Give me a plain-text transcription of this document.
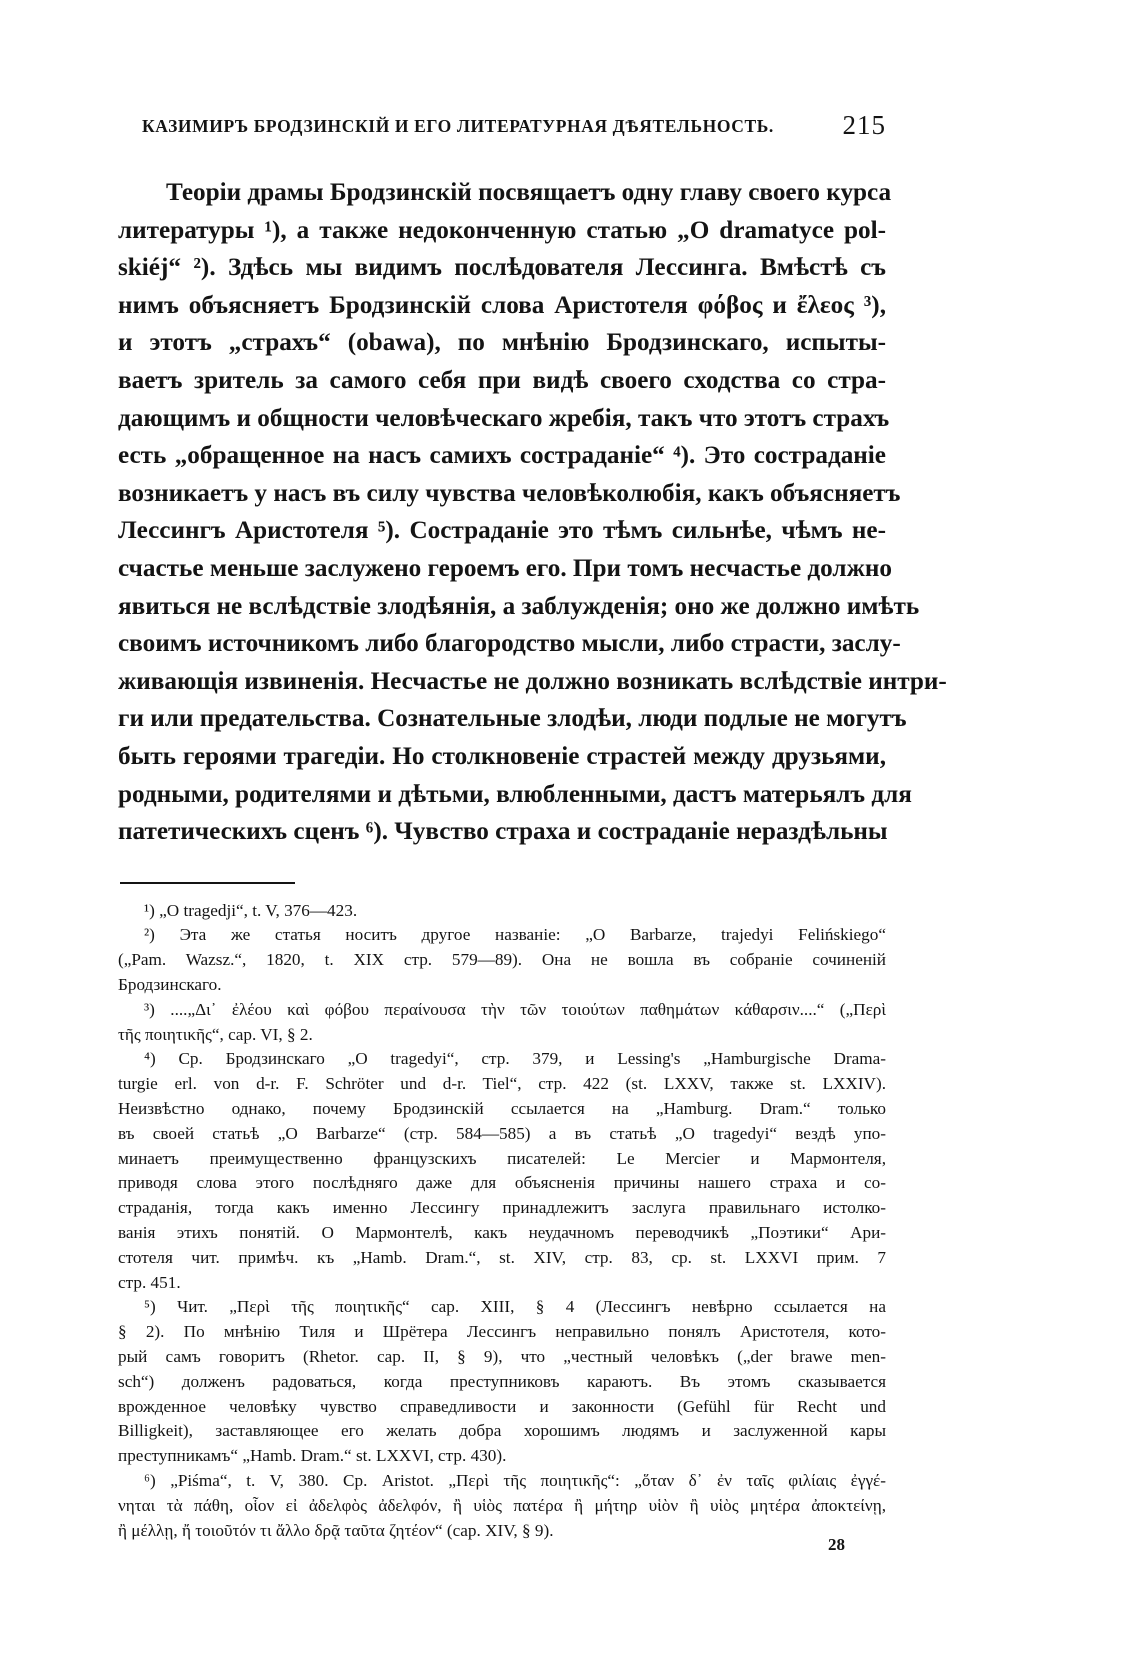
КАЗИМИРЪ БРОДЗИНСКІЙ И ЕГО ЛИТЕРАТУРНАЯ ДѢЯТЕЛЬНОСТЬ.	215
Теоріи драмы Бродзинскій посвящаетъ одну главу своего курса
литературы ¹), а также недоконченную статью „O dramatyce pol-
skiéj“ ²). Здѣсь мы видимъ послѣдователя Лессинга. Вмѣстѣ съ
нимъ объясняетъ Бродзинскій слова Аристотеля φόβος и ἔλεος ³),
и этотъ „страхъ“ (obawa), по мнѣнію Бродзинскаго, испыты-
ваетъ зритель за самого себя при видѣ своего сходства со стра-
дающимъ и общности человѣческаго жребія, такъ что этотъ страхъ
есть „обращенное на насъ самихъ состраданіе“ ⁴). Это состраданіе
возникаетъ у насъ въ силу чувства человѣколюбія, какъ объясняетъ
Лессингъ Аристотеля ⁵). Состраданіе это тѣмъ сильнѣе, чѣмъ не-
счастье меньше заслужено героемъ его. При томъ несчастье должно
явиться не вслѣдствіе злодѣянія, а заблужденія; оно же должно имѣть
своимъ источникомъ либо благородство мысли, либо страсти, заслу-
живающія извиненія. Несчастье не должно возникать вслѣдствіе интри-
ги или предательства. Сознательные злодѣи, люди подлые не могутъ
быть героями трагедіи. Но столкновеніе страстей между друзьями,
родными, родителями и дѣтьми, влюбленными, дастъ матерьялъ для
патетическихъ сценъ ⁶). Чувство страха и состраданіе нераздѣльны
¹) „O tragedji“, t. V, 376—423.
²) Эта же статья носитъ другое названіе: „O Barbarze, trajedyi Felińskiego“
(„Pam. Wazsz.“, 1820, t. XIX стр. 579—89). Она не вошла въ собраніе сочиненій
Бродзинскаго.
³) ....„Δι᾽ ἐλέου καὶ φόβου περαίνουσα τὴν τῶν τοιούτων παθημάτων κάθαρσιν....“ („Περὶ
τῆς ποιητικῆς“, cap. VI, § 2.
⁴) Ср. Бродзинскаго „O tragedyi“, стр. 379, и Lessing's „Hamburgische Drama-
turgie erl. von d-r. F. Schröter und d-r. Tiel“, стр. 422 (st. LXXV, также st. LXXIV).
Неизвѣстно однако, почему Бродзинскій ссылается на „Hamburg. Dram.“ только
въ своей статьѣ „O Barbarze“ (стр. 584—585) а въ статьѣ „O tragedyi“ вездѣ упо-
минаетъ преимущественно французскихъ писателей: Le Mercier и Мармонтеля,
приводя слова этого послѣдняго даже для объясненія причины нашего страха и со-
страданія, тогда какъ именно Лессингу принадлежитъ заслуга правильнаго истолко-
ванія этихъ понятій. О Мармонтелѣ, какъ неудачномъ переводчикѣ „Поэтики“ Ари-
стотеля чит. примѣч. къ „Hamb. Dram.“, st. XIV, стр. 83, ср. st. LXXVI прим. 7
стр. 451.
⁵) Чит. „Περὶ τῆς ποιητικῆς“ cap. XIII, § 4 (Лессингъ невѣрно ссылается на
§ 2). По мнѣнію Тиля и Шрётера Лессингъ неправильно понялъ Аристотеля, кото-
рый самъ говоритъ (Rhetor. cap. II, § 9), что „честный человѣкъ („der brawe men-
sch“) долженъ радоваться, когда преступниковъ караютъ. Въ этомъ сказывается
врожденное человѣку чувство справедливости и законности (Gefühl für Recht und
Billigkeit), заставляющее его желать добра хорошимъ людямъ и заслуженной кары
преступникамъ“ „Hamb. Dram.“ st. LXXVI, стр. 430).
⁶) „Piśma“, t. V, 380. Ср. Aristot. „Περὶ τῆς ποιητικῆς“: „ὅταν δ᾽ ἐν ταῖς φιλίαις ἐγγέ-
νηται τὰ πάθη, οἷον εἰ ἀδελφὸς ἀδελφόν, ἢ υἱὸς πατέρα ἢ μήτηρ υἱὸν ἢ υἱὸς μητέρα ἀποκτείνῃ,
ἢ μέλλῃ, ἤ τοιοῦτόν τι ἄλλο δρᾷ ταῦτα ζητέον“ (cap. XIV, § 9).
28
